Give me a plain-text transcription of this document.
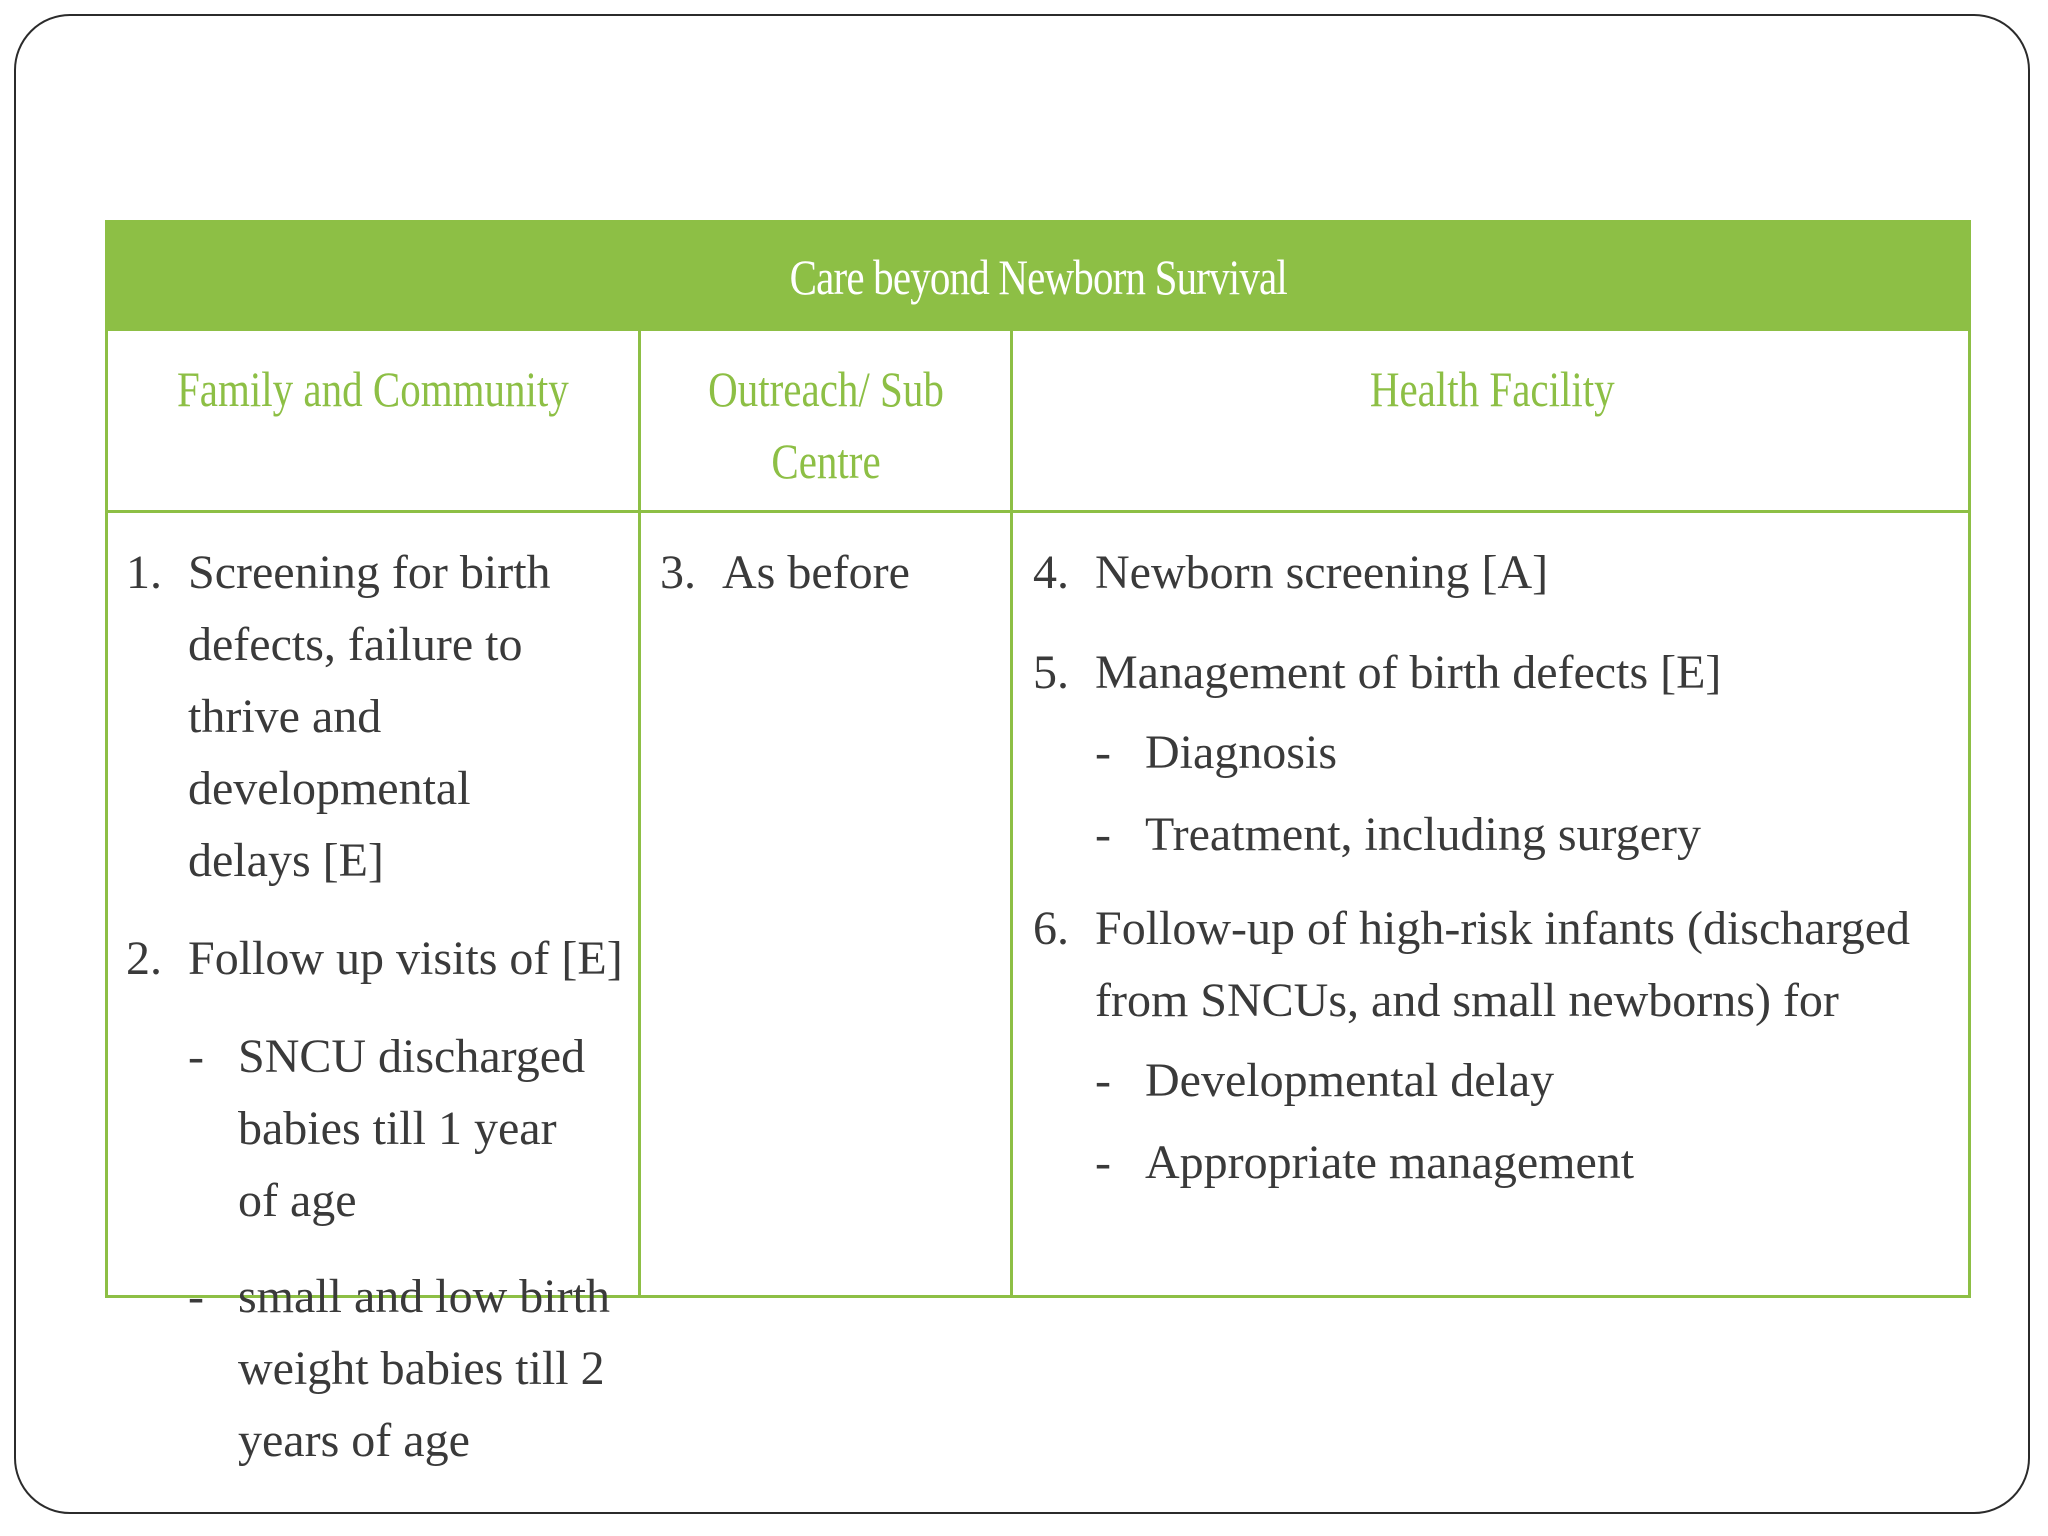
Care beyond Newborn Survival
Family and Community	Outreach/ Sub Centre
Health Facility
1. Screening for birth defects, failure to thrive and developmental delays [E]
2. Follow up visits of [E]
- SNCU discharged babies till 1 year of age
- small and low birth weight babies till 2 years of age
3. As before	4. Newborn screening [A]
5. Management of birth defects [E]
- Diagnosis
- Treatment, including surgery
6. Follow-up of high-risk infants (discharged from SNCUs, and small newborns) for
- Developmental delay
- Appropriate management
